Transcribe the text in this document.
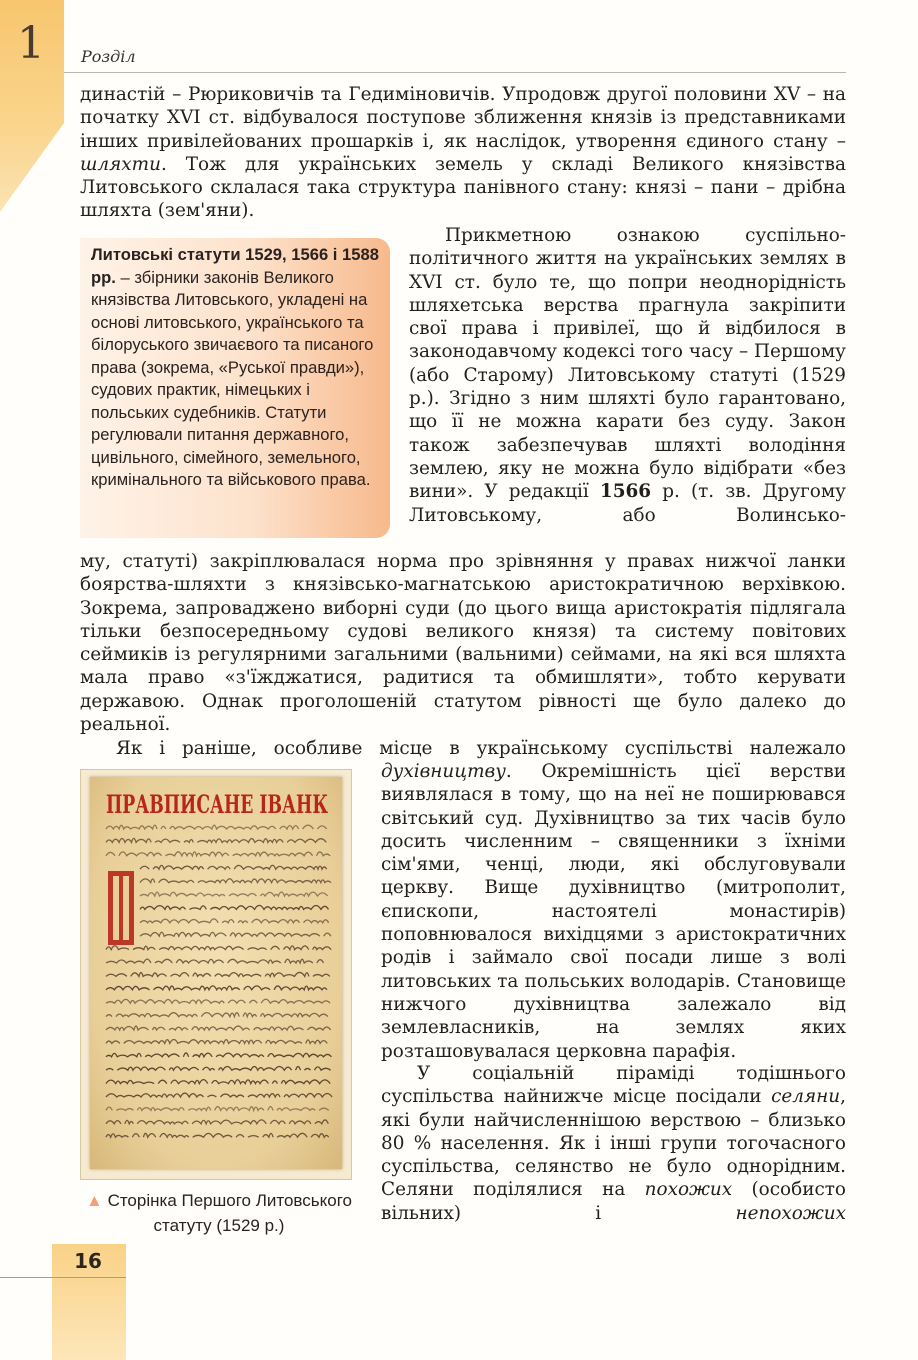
1	Розділ

династій – Рюриковичів та Гедиміновичів. Упродовж другої половини XV – на початку XVI ст. відбувалося поступове зближення князів із представниками інших привілейованих прошарків і, як наслідок, утворення єдиного стану – шляхти. Тож для українських земель у складі Великого князівства Литовського склалася така структура панівного стану: князі – пани – дрібна шляхта (зем'яни).

Литовські статути 1529, 1566 і 1588 рр. – збірники законів Великого князівства Литовського, укладені на основі литовського, українського та білоруського звичаєвого та писаного права (зокрема, «Руської правди»), судових практик, німецьких і польських судебників. Статути регулювали питання державного, цивільного, сімейного, земельного, кримінального та військового права.

Прикметною ознакою суспільно-політичного життя на українських землях в XVI ст. було те, що попри неоднорідність шляхетська верства прагнула закріпити свої права і привілеї, що й відбилося в законодавчому кодексі того часу – Першому (або Старому) Литовському статуті (1529 р.). Згідно з ним шляхті було гарантовано, що її не можна карати без суду. Закон також забезпечував шляхті володіння землею, яку не можна було відібрати «без вини». У редакції 1566 р. (т. зв. Другому Литовському, або Волинсько-

му, статуті) закріплювалася норма про зрівняння у правах нижчої ланки боярства-шляхти з князівсько-магнатською аристократичною верхівкою. Зокрема, запроваджено виборні суди (до цього вища аристократія підлягала тільки безпосередньому судові великого князя) та систему повітових сеймиків із регулярними загальними (вальними) сеймами, на які вся шляхта мала право «з'їжджатися, радитися та обмишляти», тобто керувати державою. Однак проголошеній статутом рівності ще було далеко до реальної.

Як і раніше, особливе місце в українському суспільстві належало

духівництву. Окремішність цієї верстви виявлялася в тому, що на неї не поширювався світський суд. Духівництво за тих часів було досить численним – священники з їхніми сім'ями, ченці, люди, які обслуговували церкву. Вище духівництво (митрополит, єпископи, настоятелі монастирів) поповнювалося вихідцями з аристократичних родів і займало свої посади лише з волі литовських та польських володарів. Становище нижчого духівництва залежало від землевласників, на землях яких розташовувалася церковна парафія.

У соціальній піраміді тодішнього суспільства найнижче місце посідали селяни, які були найчисленнішою верствою – близько 80 % населення. Як і інші групи тогочасного суспільства, селянство не було однорідним. Селяни поділялися на похожих (особисто вільних) і непохожих

ПРАВПИСАНЕ ІВАНК
▲ Сторінка Першого Литовського статуту (1529 р.)
16
